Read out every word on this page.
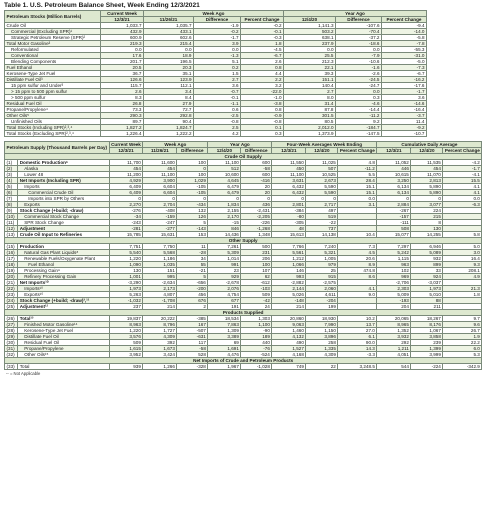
Table 1. U.S. Petroleum Balance Sheet, Week Ending 12/3/2021
Petroleum Stocks (Million Barrels)	Current Week	Week Ago			Year Ago		
	12/3/21	11/26/21	Difference	Percent Change	12/4/20	Difference	Percent Change
Crude Oil	1,033.7	1,035.7	-1.9	-0.2	1,141.3	-107.6	-9.4
Commercial (Excluding SPR)¹	432.9	433.1	-0.2	-0.1	503.2	-70.4	-14.0
Strategic Petroleum Reserve (SPR)²	600.9	602.6	-1.7	-0.3	638.1	-37.2	-5.8
Total Motor Gasoline³	219.3	215.4	3.9	1.8	237.9	-18.6	-7.8
Reformulated	0.0	0.0	0.0	-4.5	0.0	0.0	-55.3
Conventional	17.6	18.9	-1.3	-6.7	25.5	-7.9	-31.0
Blending Components	201.7	196.5	5.1	2.6	212.3	-10.6	-5.0
Fuel Ethanol	20.5	20.3	0.2	0.8	22.1	-1.6	-7.3
Kerosene-Type Jet Fuel	36.7	35.1	1.5	4.4	39.3	-2.6	-6.7
Distillate Fuel Oil³	126.6	123.9	2.7	2.2	151.1	-24.5	-16.2
15 ppm sulfur and Under³	115.7	112.1	3.6	3.2	140.4	-24.7	-17.6
> 15 ppm to 500 ppm sulfur	2.6	3.4	-0.7	-22.0	2.7	0.0	-1.7
> 500 ppm sulfur	8.3	8.4	-0.1	-1.0	8.0	0.3	3.6
Residual Fuel Oil	26.8	27.9	-1.1	-3.8	31.4	-4.6	-14.6
Propane/Propylene⁴	73.3	72.7	0.6	0.8	87.8	-14.4	-16.4
Other Oils⁵	290.3	292.8	-2.5	-0.9	301.5	-11.2	-3.7
Unfinished Oils	89.7	90.4	-0.8	-0.8	80.5	9.2	11.4
Total Stocks (Including SPR)²,³,⁴	1,827.2	1,824.7	2.5	0.1	2,012.0	-184.7	-9.2
Total Stocks (Excluding SPR)²,³,⁴	1,226.4	1,222.2	4.2	0.3	1,373.9	-147.5	-10.7
Petroleum Supply (Thousand Barrels per Day)		Current Week	Week Ago		Year Ago		Four-Week Averages Week Ending			Cumulative Daily Average		
		12/3/21	11/26/21	Difference	12/4/20	Difference	12/3/21	12/4/20	Percent Change	12/3/21	12/4/20	Percent Change
Crude Oil Supply												
(1)	Domestic Production⁶	11,700	11,600	100	11,100	600	11,550	11,025	4.8	11,052	11,535	-4.2
(2)	Alaska	454	454	0	512	-58	450	507	-11.2	446	454	-1.7
(3)	Lower 48	11,200	11,100	100	10,600	600	11,100	10,525	5.5	10,615	11,070	-4.1
(4)	Net Imports (Including SPR)	4,929	3,900	1,029	4,645	-416	3,631	2,673	28.4	3,250	2,813	15.5
(5)	Imports	6,409	6,604	-105	6,479	20	6,432	5,590	15.1	6,134	5,890	4.1
(6)	Commercial Crude Oil	6,409	6,604	-105	6,479	20	6,432	5,590	15.1	6,134	5,890	4.1
(7)	Imports into SPR by Others	0	0	0	0	0	0	0	0.0	0	0	0.0
(8)	Exports	2,270	2,704	-434	1,834	436	2,801	2,717	3.1	2,884	3,077	-6.3
(9)	Stock Change (+build; -draw)	-276	-408	132	2,155	-2,431	-384	497		-267	224	
(10)	Commercial Stock Change	-34	-159	126	2,170	-2,205	-80	519		-157	215	
(11)	SPR Stock Change	-243	-247	5	-15	-226	-305	-22		-111	8	
(12)	Adjustment	-281	-277	-143	846	-1,268	48	737		508	130	
(13)	Crude Oil Input to Refineries	15,785	15,631	153	14,436	1,348	15,613	14,138	10.4	15,077	14,255	5.8
Other Supply												
(15)	Production	7,751	7,750	11	7,261	500	7,766	7,240	7.3	7,297	6,946	5.0
(16)	Natural Gas Plant Liquids⁸	5,540	5,568	-28	5,309	231	5,561	5,321	4.5	5,242	5,089	3.0
(17)	Renewable Fuels/Oxygenate Plant	1,220	1,186	34	1,014	206	1,212	1,005	20.6	1,115	932	16.4
(18)	Fuel Ethanol	1,090	1,035	55	991	100	1,066	979	8.9	963	899	9.3
(19)	Processing Gain⁹	130	151	-21	23	107	146	25	474.8	102	33	208.1
(20)	Refinery Processing Gain	1,001	995	5	929	62	993	915	8.6	969	924	4.9
(21)	Net Imports¹⁰	-3,290	-2,634	-656	-2,678	-612	-2,882	-2,575		-2,706	-3,037	
(22)	Imports¹⁰	1,973	2,173	-200	2,076	-103	2,144	2,060	4.1	2,303	1,973	21.3
(23)	Exports¹⁰	5,263	4,807	456	4,754	509	5,026	4,611	9.0	5,009	5,010	1.8
(24)	Stock Change (+build; -draw)³,¹¹	-1,032	-1,708	676	677	-42	-148	-204		-193	88	
(25)	Adjustment¹²	237	214	2	191	24	214	199		204	211	
Products Supplied												
(26)	Total¹³	19,837	20,222	-385	18,534	1,303	20,860	18,930	10.2	20,065	18,267	9.7
(27)	Finished Motor Gasoline¹⁴	8,963	8,796	167	7,863	1,100	9,063	7,990	13.7	8,965	8,176	9.6
(28)	Kerosene-Type Jet Fuel	1,220	1,727	-507	1,309	-90	1,460	1,150	27.0	1,352	1,067	26.7
(29)	Distillate Fuel Oil	3,576	4,309	-631	3,389	189	4,132	3,896	6.1	3,932	3,858	1.9
(30)	Residual Fuel Oil	509	392	117	69	440	490	258	90.0	292	239	22.2
(31)	Propane/Propylene	1,615	1,673	-58	1,691	-76	1,527	1,335	14.3	1,211	1,399	6.0
(32)	Other Oils¹⁵	3,952	3,424	528	4,476	-524	4,168	4,309	-3.3	4,051	3,999	5.3
Net Imports of Crude and Petroleum Products												
(33)	Total	939	1,266	-328	1,967	-1,028	749	22	3,248.5	544	-224	-342.9
-- = Not Applicable
